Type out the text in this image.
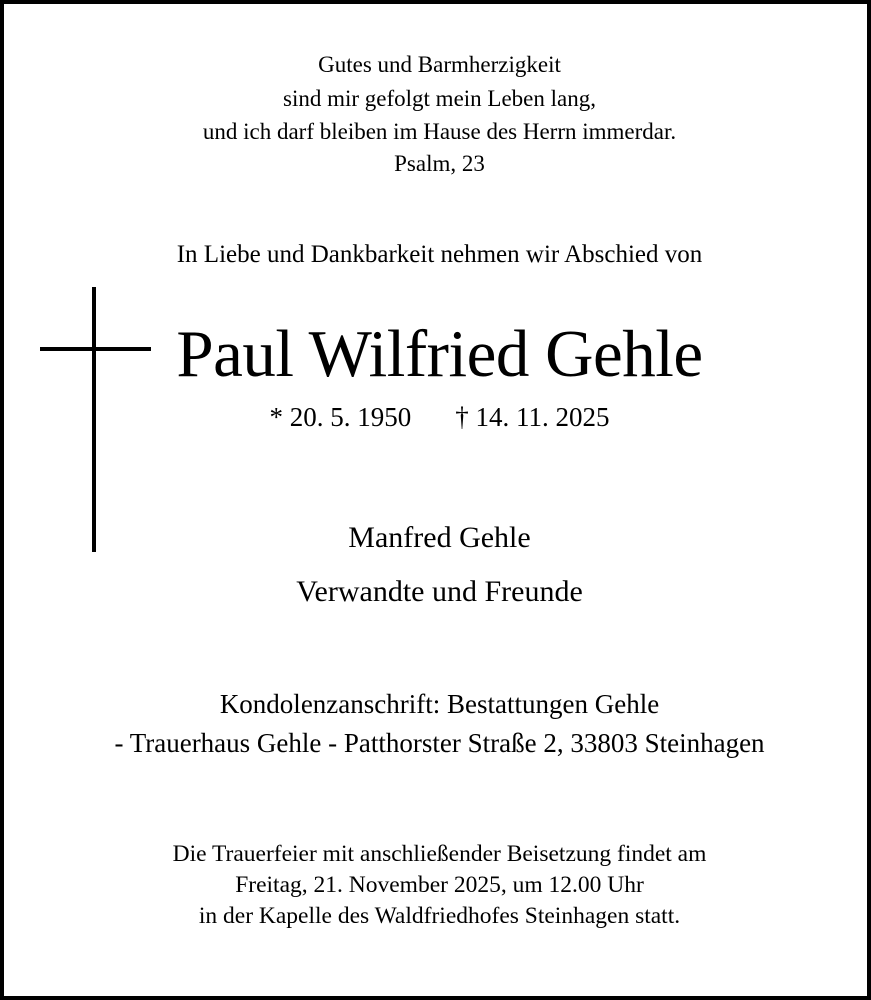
Gutes und Barmherzigkeit
sind mir gefolgt mein Leben lang,
und ich darf bleiben im Hause des Herrn immerdar.
Psalm, 23
In Liebe und Dankbarkeit nehmen wir Abschied von
Paul Wilfried Gehle
* 20. 5. 1950 † 14. 11. 2025
Manfred Gehle
Verwandte und Freunde
Kondolenzanschrift: Bestattungen Gehle
- Trauerhaus Gehle - Patthorster Straße 2, 33803 Steinhagen
Die Trauerfeier mit anschließender Beisetzung findet am
Freitag, 21. November 2025, um 12.00 Uhr
in der Kapelle des Waldfriedhofes Steinhagen statt.
